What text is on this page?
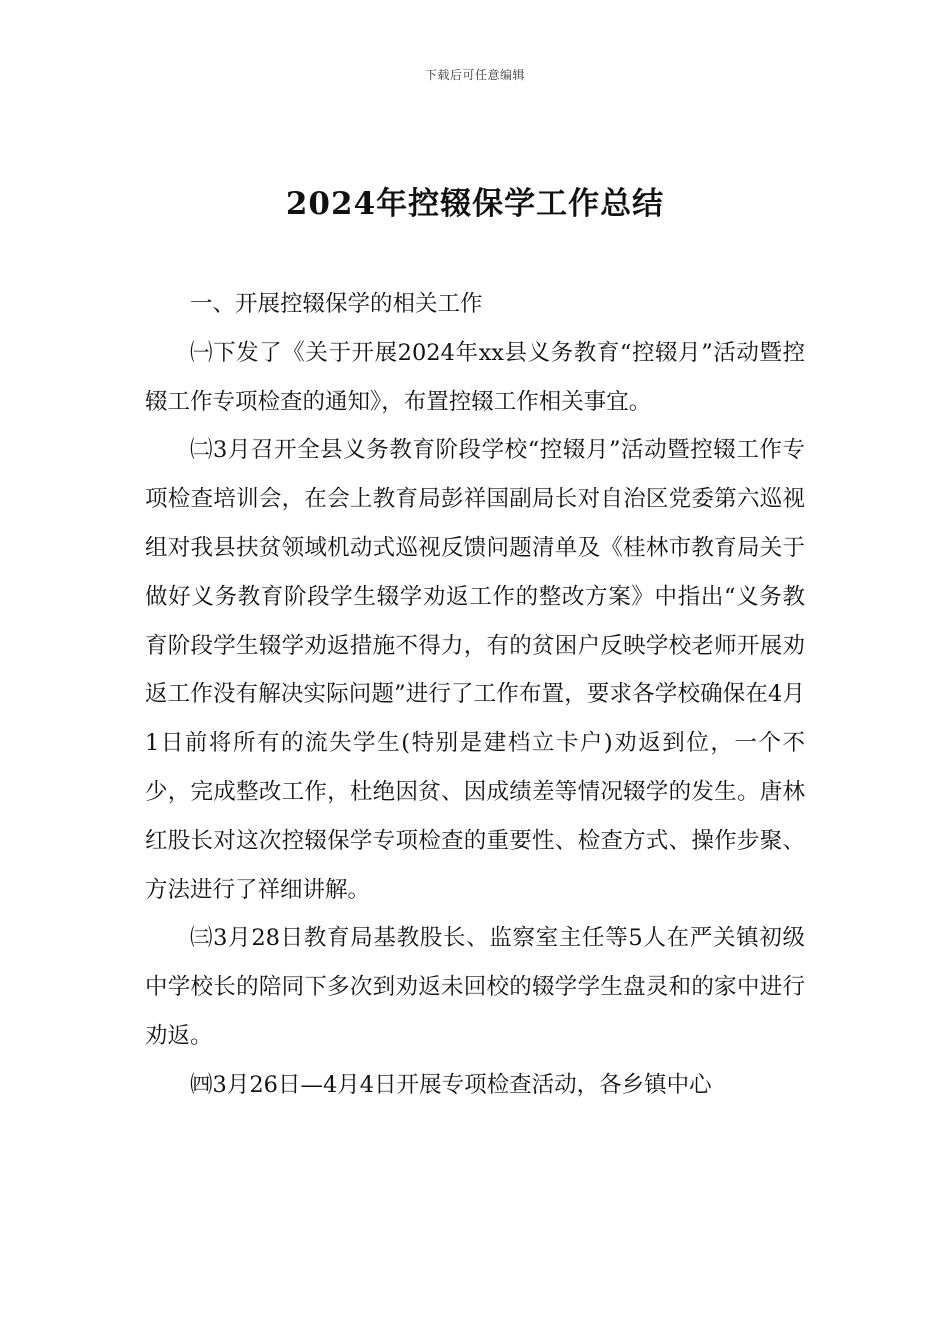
下载后可任意编辑
2024年控辍保学工作总结

一、开展控辍保学的相关工作

㈠下发了《关于开展2024年xx县义务教育“控辍月”活动暨控辍工作专项检查的通知》，布置控辍工作相关事宜。

㈡3月召开全县义务教育阶段学校“控辍月”活动暨控辍工作专项检查培训会，在会上教育局彭祥国副局长对自治区党委第六巡视组对我县扶贫领域机动式巡视反馈问题清单及《桂林市教育局关于做好义务教育阶段学生辍学劝返工作的整改方案》中指出“义务教育阶段学生辍学劝返措施不得力，有的贫困户反映学校老师开展劝返工作没有解决实际问题”进行了工作布置，要求各学校确保在4月1日前将所有的流失学生(特别是建档立卡户)劝返到位，一个不少，完成整改工作，杜绝因贫、因成绩差等情况辍学的发生。唐林红股长对这次控辍保学专项检查的重要性、检查方式、操作步聚、方法进行了祥细讲解。

㈢3月28日教育局基教股长、监察室主任等5人在严关镇初级中学校长的陪同下多次到劝返未回校的辍学学生盘灵和的家中进行劝返。

㈣3月26日—4月4日开展专项检查活动，各乡镇中心
